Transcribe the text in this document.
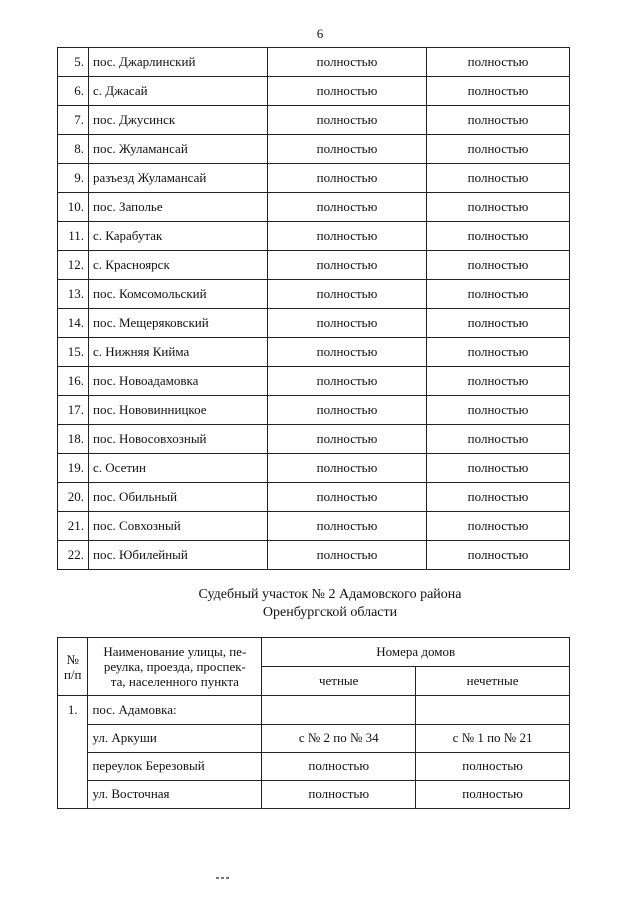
6
5.	пос. Джарлинский	полностью	полностью
6.	с. Джасай	полностью	полностью
7.	пос. Джусинск	полностью	полностью
8.	пос. Жуламансай	полностью	полностью
9.	разъезд Жуламансай	полностью	полностью
10.	пос. Заполье	полностью	полностью
11.	с. Карабутак	полностью	полностью
12.	с. Красноярск	полностью	полностью
13.	пос. Комсомольский	полностью	полностью
14.	пос. Мещеряковский	полностью	полностью
15.	с. Нижняя Кийма	полностью	полностью
16.	пос. Новоадамовка	полностью	полностью
17.	пос. Нововинницкое	полностью	полностью
18.	пос. Новосовхозный	полностью	полностью
19.	с. Осетин	полностью	полностью
20.	пос. Обильный	полностью	полностью
21.	пос. Совхозный	полностью	полностью
22.	пос. Юбилейный	полностью	полностью
Судебный участок № 2 Адамовского района
Оренбургской области
№
п/п	Наименование улицы, пе-
реулка, проезда, проспек-
та, населенного пункта	Номера домов	
		четные	нечетные
1.	пос. Адамовка:		
	ул. Аркуши	с № 2 по № 34	с № 1 по № 21
	переулок Березовый	полностью	полностью
	ул. Восточная	полностью	полностью
